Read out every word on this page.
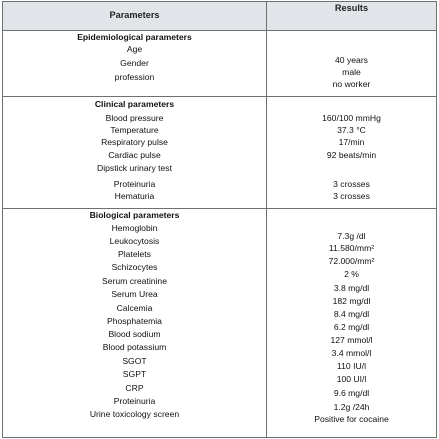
Parameters
Results
Epidemiological parameters
Age
Gender
profession
40 years
male
no worker
Clinical parameters
Blood pressure
Temperature
Respiratory pulse
Cardiac pulse
Dipstick urinary test
Proteinuria
Hematuria
160/100 mmHg
37.3 °C
17/min
92 beats/min
3 crosses
3 crosses
Biological parameters
Hemoglobin
Leukocytosis
Platelets
Schizocytes
Serum creatinine
Serum Urea
Calcemia
Phosphatemia
Blood sodium
Blood potassium
SGOT
SGPT
CRP
Proteinuria
Urine toxicology screen
7.3g /dl
11.580/mm²
72.000/mm²
2 %
3.8 mg/dl
182 mg/dl
8.4 mg/dl
6.2 mg/dl
127 mmol/l
3.4 mmol/l
110 IU/l
100 UI/l
9.6 mg/dl
1.2g /24h
Positive for cocaine
